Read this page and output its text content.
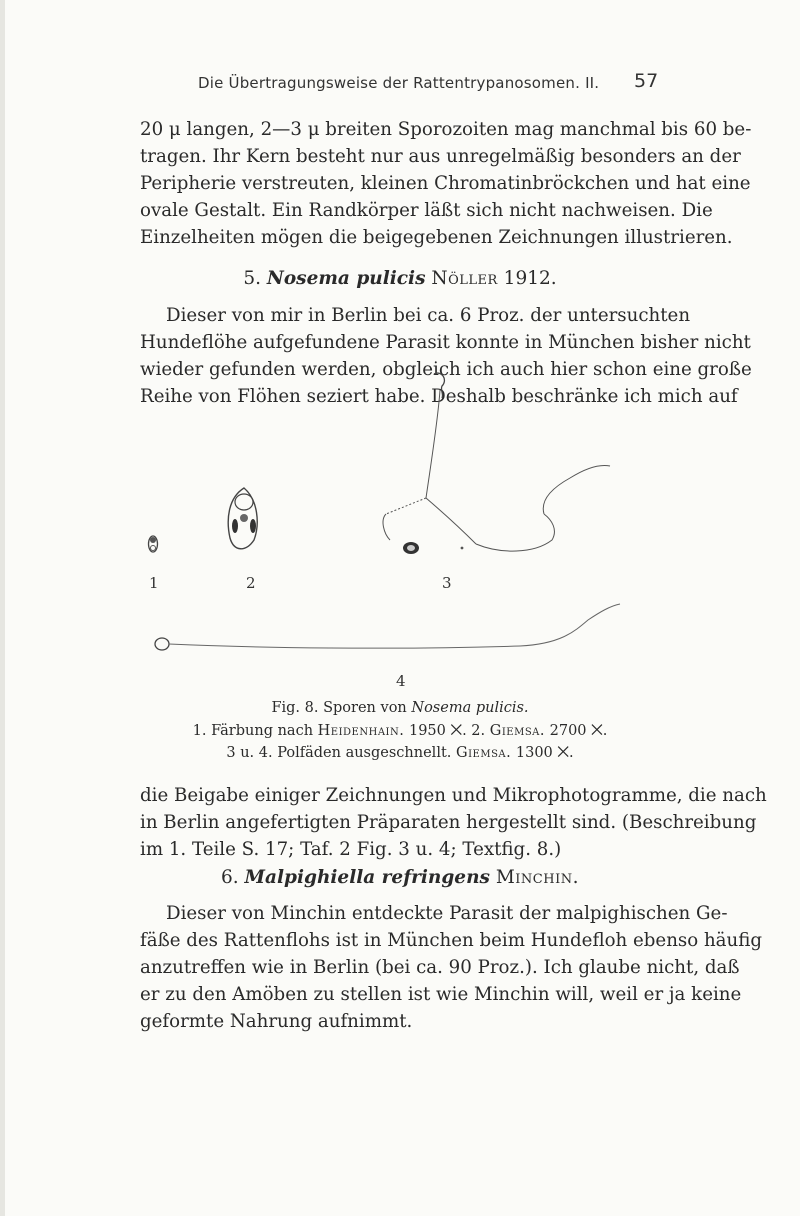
Die Übertragungsweise der Rattentrypanosomen. II.	57
20 μ langen, 2—3 μ breiten Sporozoiten mag manchmal bis 60 be-
tragen. Ihr Kern besteht nur aus unregelmäßig besonders an der
Peripherie verstreuten, kleinen Chromatinbröckchen und hat eine
ovale Gestalt. Ein Randkörper läßt sich nicht nachweisen. Die
Einzelheiten mögen die beigegebenen Zeichnungen illustrieren.
5. Nosema pulicis Nöller 1912.
Dieser von mir in Berlin bei ca. 6 Proz. der untersuchten
Hundeflöhe aufgefundene Parasit konnte in München bisher nicht
wieder gefunden werden, obgleich ich auch hier schon eine große
Reihe von Flöhen seziert habe. Deshalb beschränke ich mich auf
1	2	3
4
Fig. 8. Sporen von Nosema pulicis.
1. Färbung nach Heidenhain. 1950 ⨉. 2. Giemsa. 2700 ⨉.
3 u. 4. Polfäden ausgeschnellt. Giemsa. 1300 ⨉.
die Beigabe einiger Zeichnungen und Mikrophotogramme, die nach
in Berlin angefertigten Präparaten hergestellt sind. (Beschreibung
im 1. Teile S. 17; Taf. 2 Fig. 3 u. 4; Textfig. 8.)
6. Malpighiella refringens Minchin.
Dieser von Minchin entdeckte Parasit der malpighischen Ge-
fäße des Rattenflohs ist in München beim Hundefloh ebenso häufig
anzutreffen wie in Berlin (bei ca. 90 Proz.). Ich glaube nicht, daß
er zu den Amöben zu stellen ist wie Minchin will, weil er ja keine
geformte Nahrung aufnimmt.
